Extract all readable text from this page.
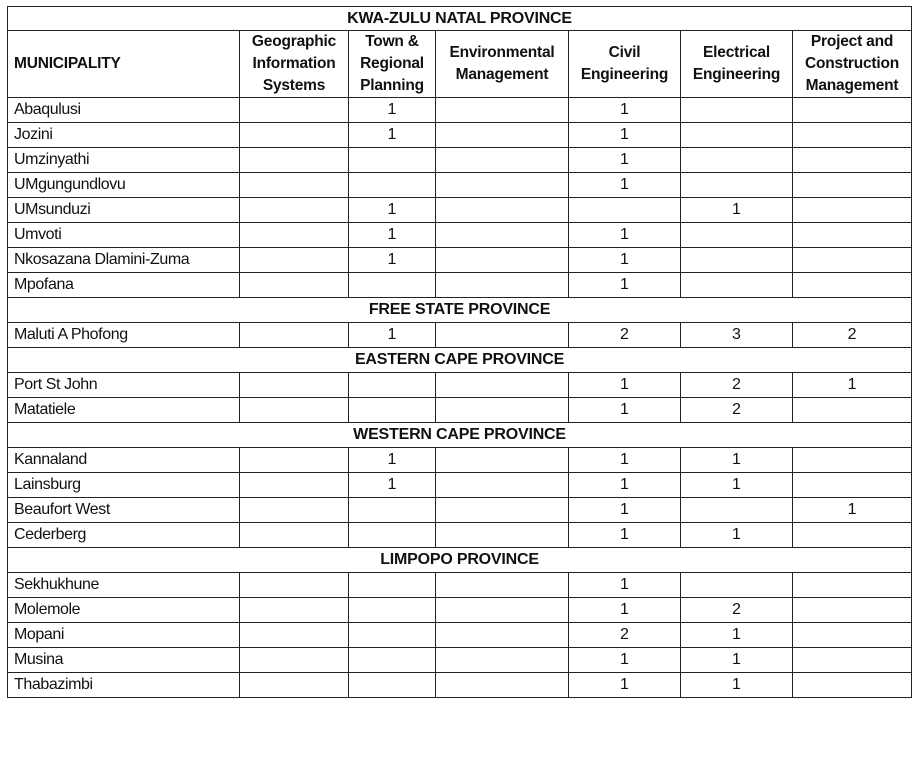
KWA-ZULU NATAL PROVINCE						
MUNICIPALITY	Geographic Information Systems	Town & Regional Planning	Environmental Management	Civil Engineering	Electrical Engineering	Project and Construction Management
Abaqulusi		1		1		
Jozini		1		1		
Umzinyathi				1		
UMgungundlovu				1		
UMsunduzi		1			1	
Umvoti		1		1		
Nkosazana Dlamini-Zuma		1		1		
Mpofana				1		
FREE STATE PROVINCE						
Maluti A Phofong		1		2	3	2
EASTERN CAPE PROVINCE						
Port St John				1	2	1
Matatiele				1	2	
WESTERN CAPE PROVINCE						
Kannaland		1		1	1	
Lainsburg		1		1	1	
Beaufort West				1		1
Cederberg				1	1	
LIMPOPO PROVINCE						
Sekhukhune				1		
Molemole				1	2	
Mopani				2	1	
Musina				1	1	
Thabazimbi				1	1	
